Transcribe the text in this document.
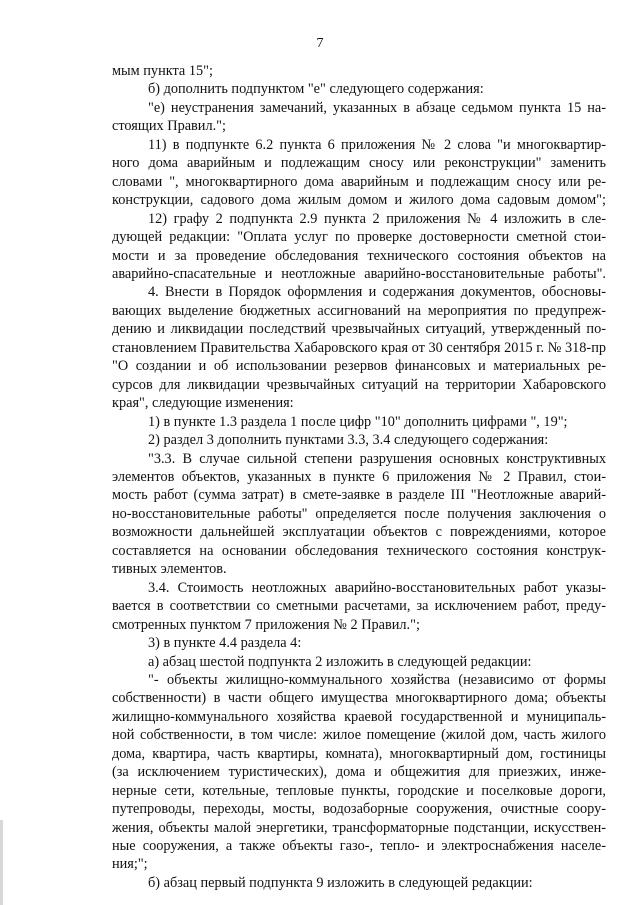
7
мым пункта 15";
б) дополнить подпунктом "е" следующего содержания:
"е) неустранения замечаний, указанных в абзаце седьмом пункта 15 на-
стоящих Правил.";
11) в подпункте 6.2 пункта 6 приложения № 2 слова "и многоквартир-
ного дома аварийным и подлежащим сносу или реконструкции" заменить
словами ", многоквартирного дома аварийным и подлежащим сносу или ре-
конструкции, садового дома жилым домом и жилого дома садовым домом";
12) графу 2 подпункта 2.9 пункта 2 приложения № 4 изложить в сле-
дующей редакции: "Оплата услуг по проверке достоверности сметной стои-
мости и за проведение обследования технического состояния объектов на
аварийно-спасательные и неотложные аварийно-восстановительные работы".
4. Внести в Порядок оформления и содержания документов, обосновы-
вающих выделение бюджетных ассигнований на мероприятия по предупреж-
дению и ликвидации последствий чрезвычайных ситуаций, утвержденный по-
становлением Правительства Хабаровского края от 30 сентября 2015 г. № 318-пр
"О создании и об использовании резервов финансовых и материальных ре-
сурсов для ликвидации чрезвычайных ситуаций на территории Хабаровского
края", следующие изменения:
1) в пункте 1.3 раздела 1 после цифр "10" дополнить цифрами ", 19";
2) раздел 3 дополнить пунктами 3.3, 3.4 следующего содержания:
"3.3. В случае сильной степени разрушения основных конструктивных
элементов объектов, указанных в пункте 6 приложения № 2 Правил, стои-
мость работ (сумма затрат) в смете-заявке в разделе III "Неотложные аварий-
но-восстановительные работы" определяется после получения заключения о
возможности дальнейшей эксплуатации объектов с повреждениями, которое
составляется на основании обследования технического состояния конструк-
тивных элементов.
3.4. Стоимость неотложных аварийно-восстановительных работ указы-
вается в соответствии со сметными расчетами, за исключением работ, преду-
смотренных пунктом 7 приложения № 2 Правил.";
3) в пункте 4.4 раздела 4:
а) абзац шестой подпункта 2 изложить в следующей редакции:
"- объекты жилищно-коммунального хозяйства (независимо от формы
собственности) в части общего имущества многоквартирного дома; объекты
жилищно-коммунального хозяйства краевой государственной и муниципаль-
ной собственности, в том числе: жилое помещение (жилой дом, часть жилого
дома, квартира, часть квартиры, комната), многоквартирный дом, гостиницы
(за исключением туристических), дома и общежития для приезжих, инже-
нерные сети, котельные, тепловые пункты, городские и поселковые дороги,
путепроводы, переходы, мосты, водозаборные сооружения, очистные соору-
жения, объекты малой энергетики, трансформаторные подстанции, искусствен-
ные сооружения, а также объекты газо-, тепло- и электроснабжения населе-
ния;";
б) абзац первый подпункта 9 изложить в следующей редакции:
